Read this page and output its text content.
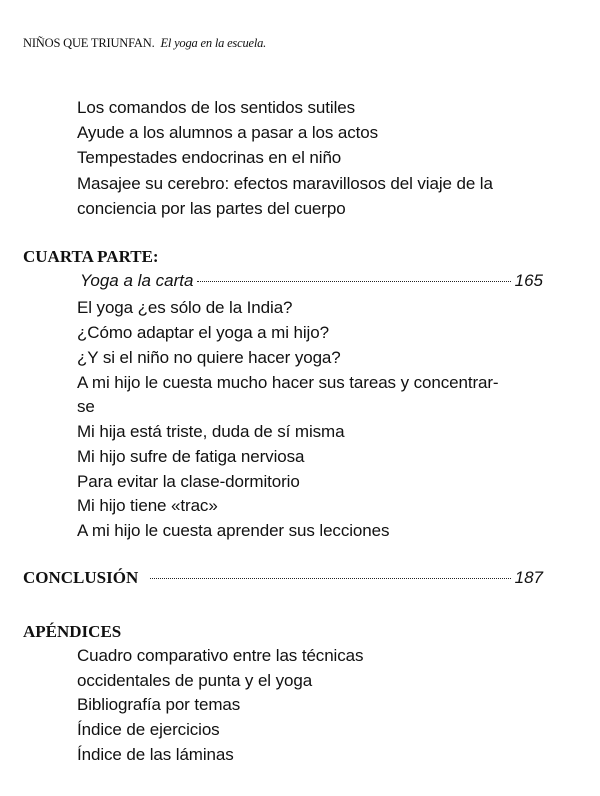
NIÑOS QUE TRIUNFAN. El yoga en la escuela.
Los comandos de los sentidos sutiles
Ayude a los alumnos a pasar a los actos
Tempestades endocrinas en el niño
Masajee su cerebro: efectos maravillosos del viaje de la
conciencia por las partes del cuerpo
CUARTA PARTE:
Yoga a la carta	165
El yoga ¿es sólo de la India?
¿Cómo adaptar el yoga a mi hijo?
¿Y si el niño no quiere hacer yoga?
A mi hijo le cuesta mucho hacer sus tareas y concentrar-
se
Mi hija está triste, duda de sí misma
Mi hijo sufre de fatiga nerviosa
Para evitar la clase-dormitorio
Mi hijo tiene «trac»
A mi hijo le cuesta aprender sus lecciones
CONCLUSIÓN	187
APÉNDICES
Cuadro comparativo entre las técnicas
occidentales de punta y el yoga
Bibliografía por temas
Índice de ejercicios
Índice de las láminas
